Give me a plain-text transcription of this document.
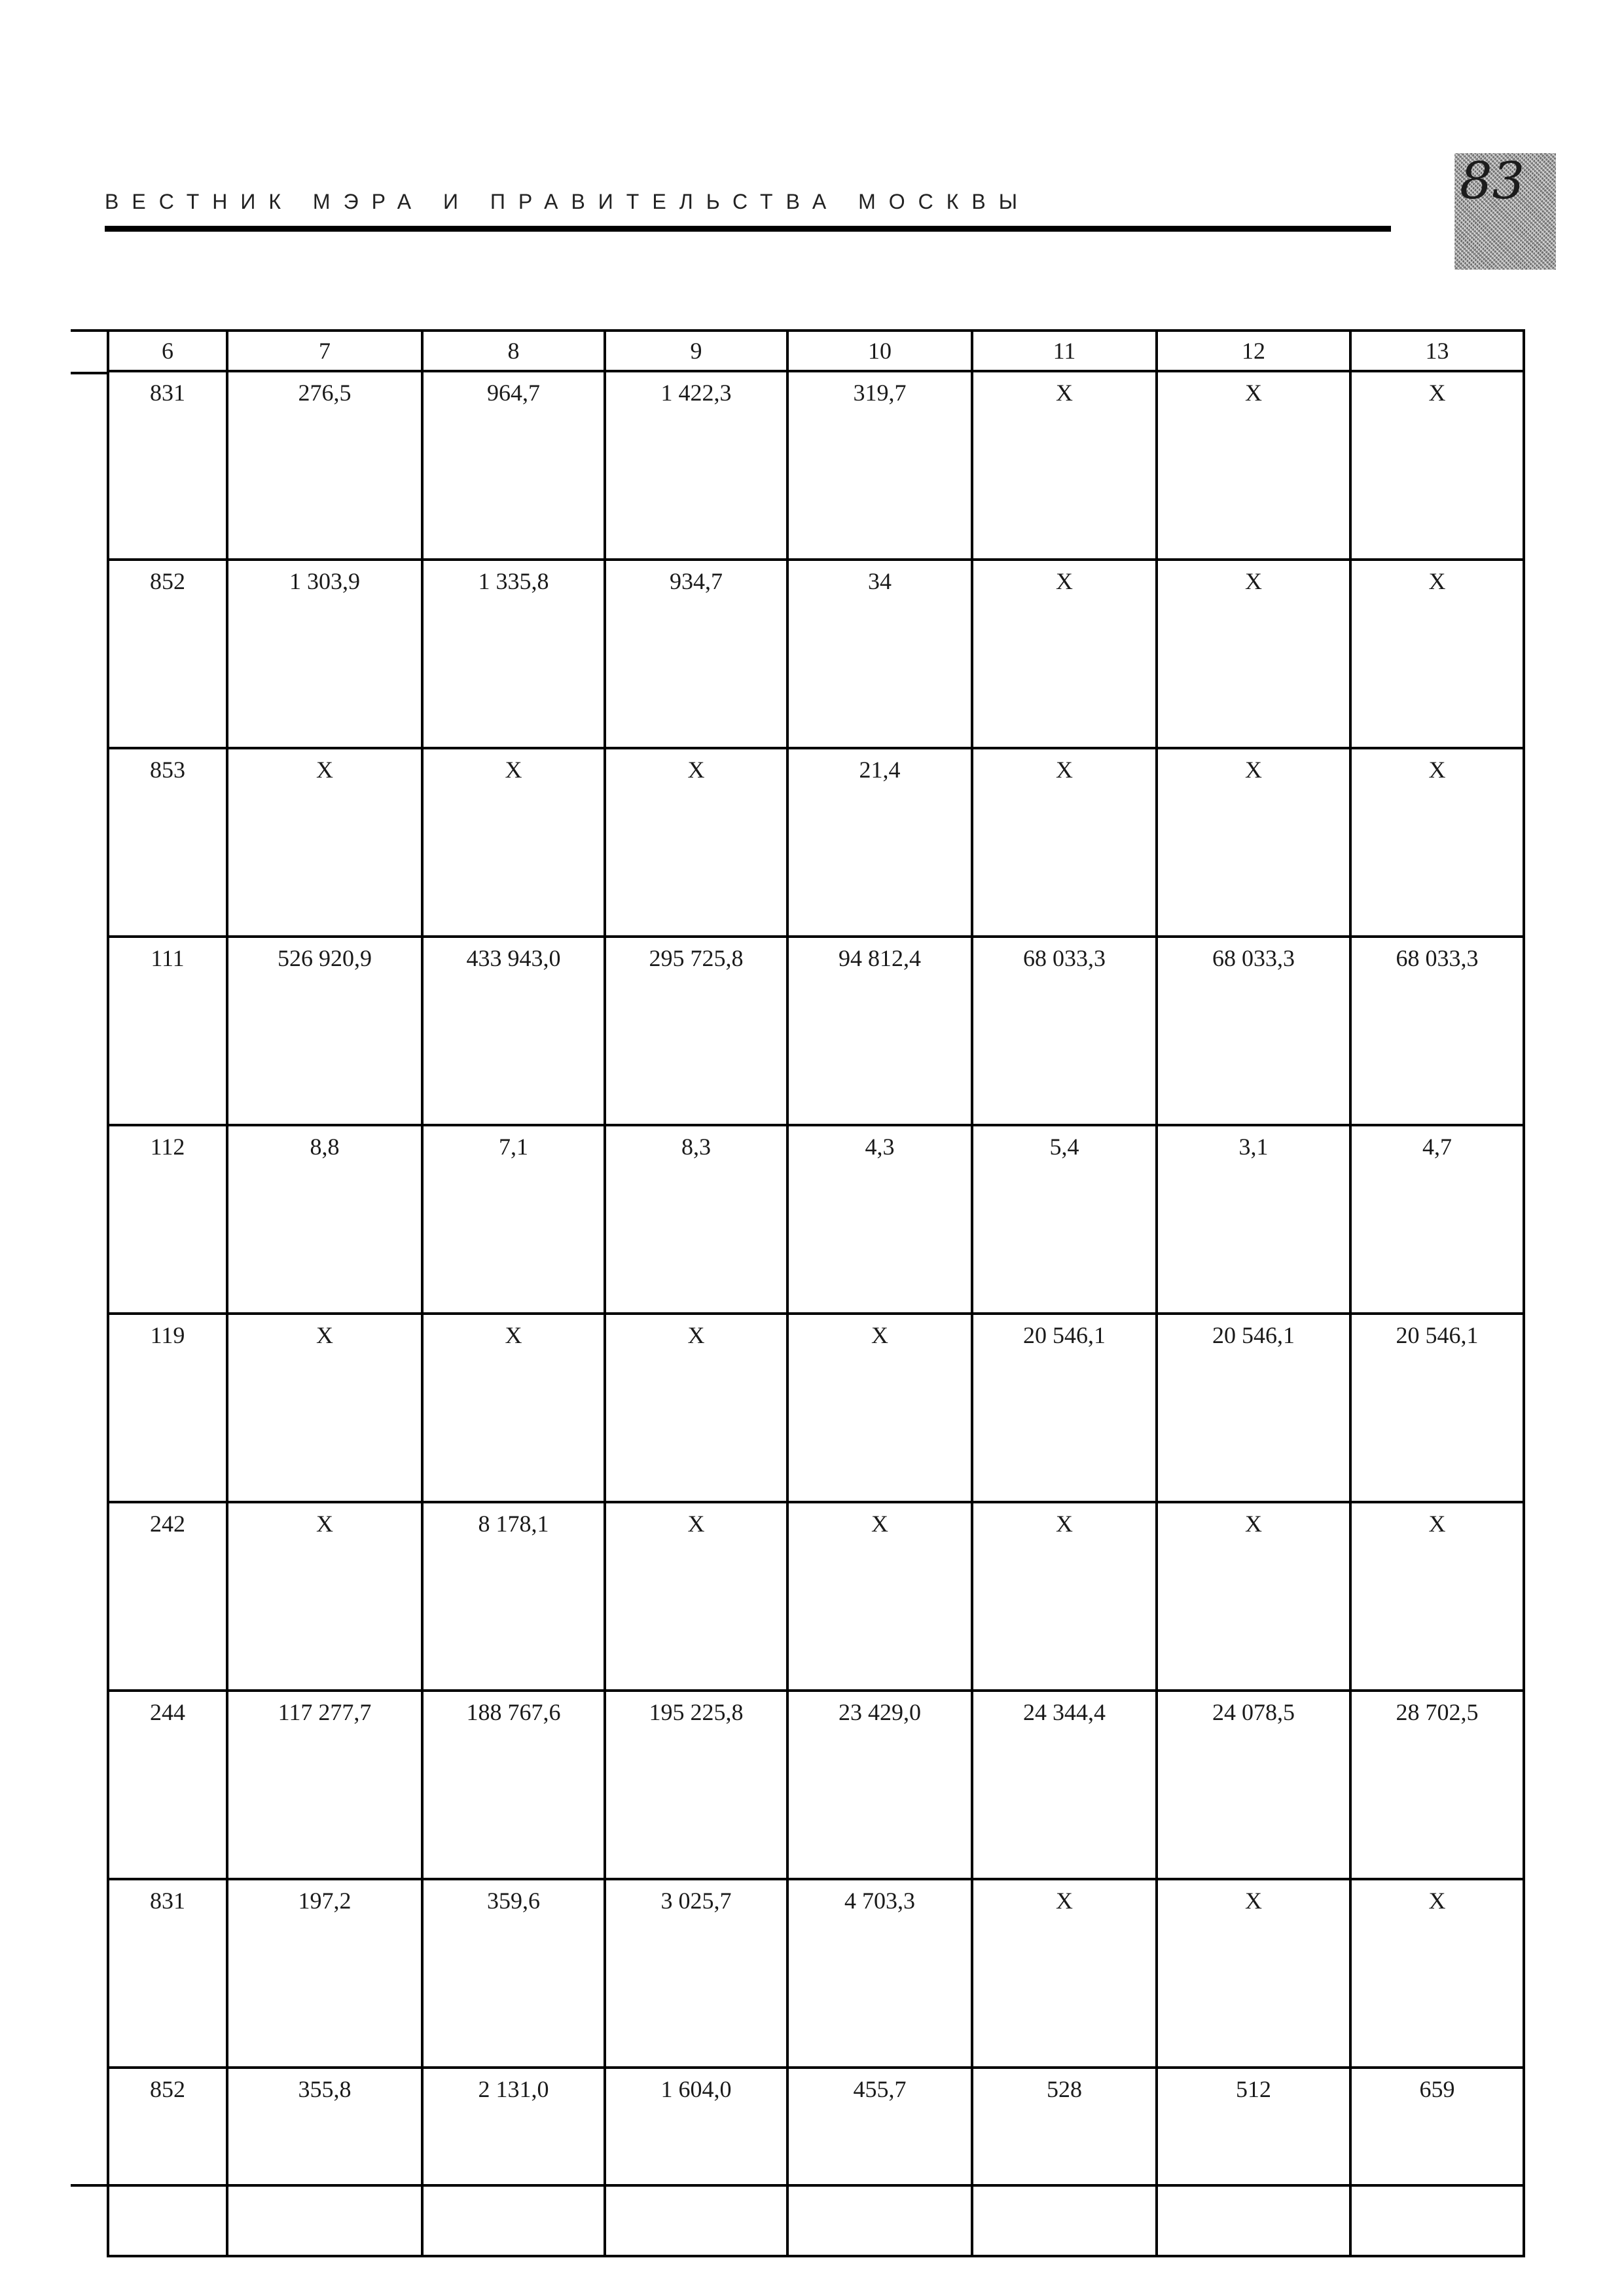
ВЕСТНИК МЭРА И ПРАВИТЕЛЬСТВА МОСКВЫ	83
6	7	8	9	10	11	12	13
831	276,5	964,7	1 422,3	319,7	X	X	X
852	1 303,9	1 335,8	934,7	34	X	X	X
853	X	X	X	21,4	X	X	X
111	526 920,9	433 943,0	295 725,8	94 812,4	68 033,3	68 033,3	68 033,3
112	8,8	7,1	8,3	4,3	5,4	3,1	4,7
119	X	X	X	X	20 546,1	20 546,1	20 546,1
242	X	8 178,1	X	X	X	X	X
244	117 277,7	188 767,6	195 225,8	23 429,0	24 344,4	24 078,5	28 702,5
831	197,2	359,6	3 025,7	4 703,3	X	X	X
852	355,8	2 131,0	1 604,0	455,7	528	512	659
